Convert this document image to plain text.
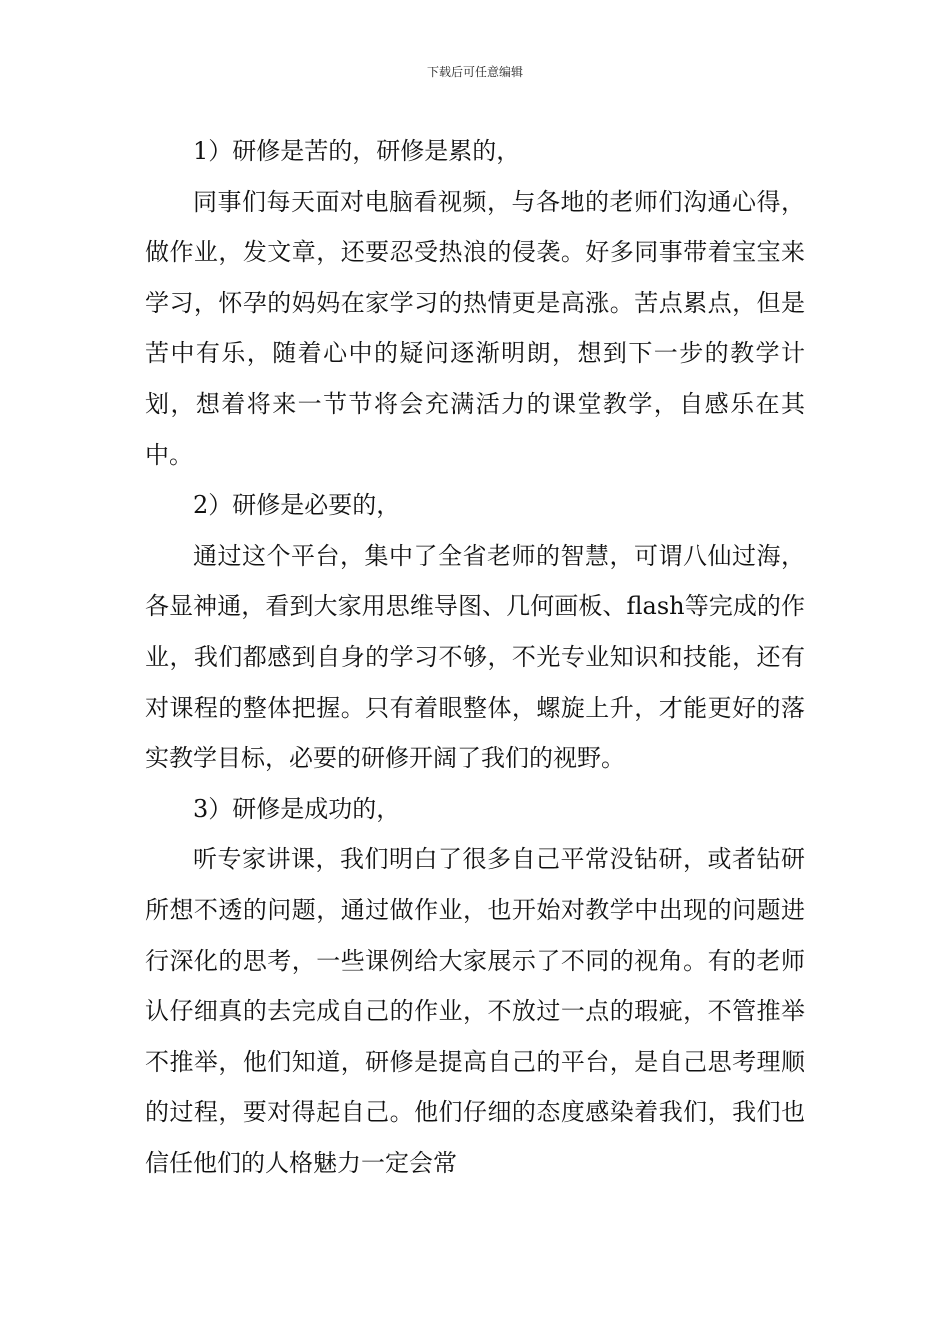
下载后可任意编辑

1）研修是苦的，研修是累的，

同事们每天面对电脑看视频，与各地的老师们沟通心得，做作业，发文章，还要忍受热浪的侵袭。好多同事带着宝宝来学习，怀孕的妈妈在家学习的热情更是高涨。苦点累点，但是苦中有乐，随着心中的疑问逐渐明朗，想到下一步的教学计划，想着将来一节节将会充满活力的课堂教学，自感乐在其中。

2）研修是必要的，

通过这个平台，集中了全省老师的智慧，可谓八仙过海，各显神通，看到大家用思维导图、几何画板、flash等完成的作业，我们都感到自身的学习不够，不光专业知识和技能，还有对课程的整体把握。只有着眼整体，螺旋上升，才能更好的落实教学目标，必要的研修开阔了我们的视野。

3）研修是成功的，

听专家讲课，我们明白了很多自己平常没钻研，或者钻研所想不透的问题，通过做作业，也开始对教学中出现的问题进行深化的思考，一些课例给大家展示了不同的视角。有的老师认仔细真的去完成自己的作业，不放过一点的瑕疵，不管推举不推举，他们知道，研修是提高自己的平台，是自己思考理顺的过程，要对得起自己。他们仔细的态度感染着我们，我们也信任他们的人格魅力一定会常
